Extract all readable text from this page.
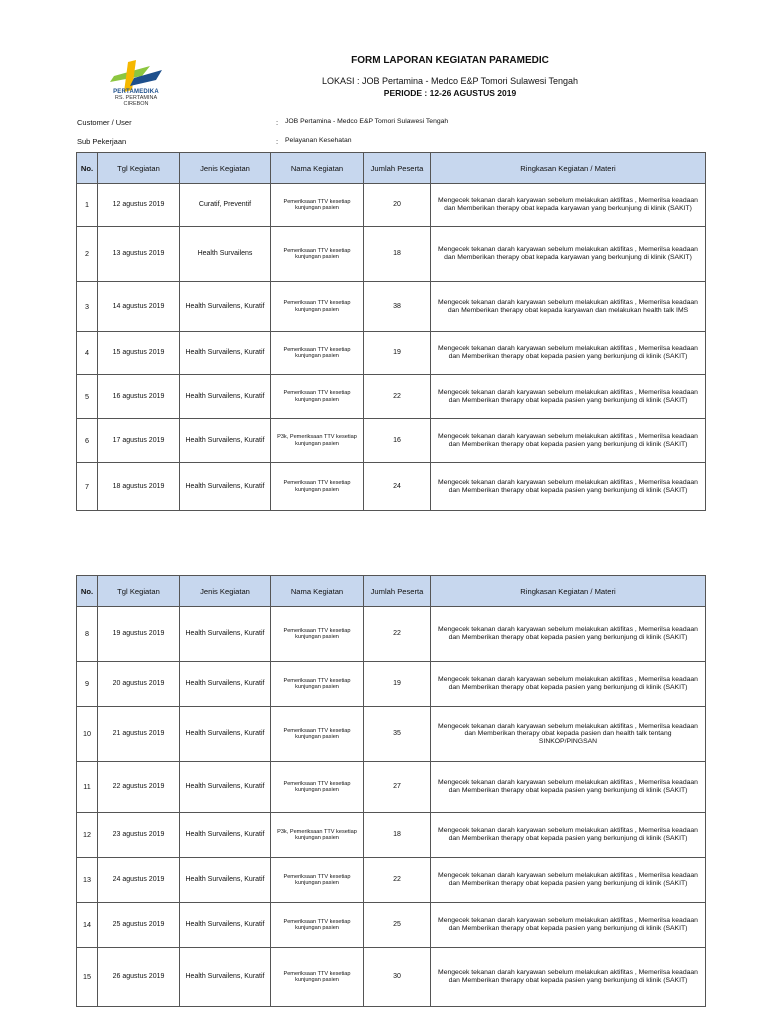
PERTAMEDIKA
RS. PERTAMINA
CIREBON
FORM LAPORAN KEGIATAN PARAMEDIC
LOKASI : JOB Pertamina - Medco E&P Tomori Sulawesi Tengah
PERIODE : 12-26 AGUSTUS 2019
Customer / User	: JOB Pertamina - Medco E&P Tomori Sulawesi Tengah
Sub Pekerjaan	: Pelayanan Kesehatan
No.	Tgl Kegiatan	Jenis Kegiatan	Nama Kegiatan	Jumlah Peserta	Ringkasan Kegiatan / Materi
1	12 agustus 2019	Curatif, Preventif	Pemeriksaan TTV kesetiap kunjungan pasien	20	Mengecek tekanan darah karyawan sebelum melakukan aktifitas , Memerilsa keadaan dan Memberikan therapy obat kepada karyawan yang berkunjung di klinik (SAKIT)
2	13 agustus 2019	Health Survailens	Pemeriksaan TTV kesetiap kunjungan pasien	18	Mengecek tekanan darah karyawan sebelum melakukan aktifitas , Memerilsa keadaan dan Memberikan therapy obat kepada karyawan yang berkunjung di klinik (SAKIT)
3	14 agustus 2019	Health Survailens, Kuratif	Pemeriksaan TTV kesetiap kunjungan pasien	38	Mengecek tekanan darah karyawan sebelum melakukan aktifitas , Memerilsa keadaan dan Memberikan therapy obat kepada karyawan dan melakukan health talk IMS
4	15 agustus 2019	Health Survailens, Kuratif	Pemeriksaan TTV kesetiap kunjungan pasien	19	Mengecek tekanan darah karyawan sebelum melakukan aktifitas , Memerilsa keadaan dan Memberikan therapy obat kepada pasien yang berkunjung di klinik (SAKIT)
5	16 agustus 2019	Health Survailens, Kuratif	Pemeriksaan TTV kesetiap kunjungan pasien	22	Mengecek tekanan darah karyawan sebelum melakukan aktifitas , Memerilsa keadaan dan Memberikan therapy obat kepada pasien yang berkunjung di klinik (SAKIT)
6	17 agustus 2019	Health Survailens, Kuratif	P3k, Pemeriksaan TTV kesetiap kunjungan pasien	16	Mengecek tekanan darah karyawan sebelum melakukan aktifitas , Memerilsa keadaan dan Memberikan therapy obat kepada pasien yang berkunjung di klinik (SAKIT)
7	18 agustus 2019	Health Survailens, Kuratif	Pemeriksaan TTV kesetiap kunjungan pasien	24	Mengecek tekanan darah karyawan sebelum melakukan aktifitas , Memerilsa keadaan dan Memberikan therapy obat kepada pasien yang berkunjung di klinik (SAKIT)
No.	Tgl Kegiatan	Jenis Kegiatan	Nama Kegiatan	Jumlah Peserta	Ringkasan Kegiatan / Materi
8	19 agustus 2019	Health Survailens, Kuratif	Pemeriksaan TTV kesetiap kunjungan pasien	22	Mengecek tekanan darah karyawan sebelum melakukan aktifitas , Memerilsa keadaan dan Memberikan therapy obat kepada pasien yang berkunjung di klinik (SAKIT)
9	20 agustus 2019	Health Survailens, Kuratif	Pemeriksaan TTV kesetiap kunjungan pasien	19	Mengecek tekanan darah karyawan sebelum melakukan aktifitas , Memerilsa keadaan dan Memberikan therapy obat kepada pasien yang berkunjung di klinik (SAKIT)
10	21 agustus 2019	Health Survailens, Kuratif	Pemeriksaan TTV kesetiap kunjungan pasien	35	Mengecek tekanan darah karyawan sebelum melakukan aktifitas , Memerilsa keadaan dan Memberikan therapy obat kepada pasien dan health talk tentang SINKOP/PINGSAN
11	22 agustus 2019	Health Survailens, Kuratif	Pemeriksaan TTV kesetiap kunjungan pasien	27	Mengecek tekanan darah karyawan sebelum melakukan aktifitas , Memerilsa keadaan dan Memberikan therapy obat kepada pasien yang berkunjung di klinik (SAKIT)
12	23 agustus 2019	Health Survailens, Kuratif	P3k, Pemeriksaan TTV kesetiap kunjungan pasien	18	Mengecek tekanan darah karyawan sebelum melakukan aktifitas , Memerilsa keadaan dan Memberikan therapy obat kepada pasien yang berkunjung di klinik (SAKIT)
13	24 agustus 2019	Health Survailens, Kuratif	Pemeriksaan TTV kesetiap kunjungan pasien	22	Mengecek tekanan darah karyawan sebelum melakukan aktifitas , Memerilsa keadaan dan Memberikan therapy obat kepada pasien yang berkunjung di klinik (SAKIT)
14	25 agustus 2019	Health Survailens, Kuratif	Pemeriksaan TTV kesetiap kunjungan pasien	25	Mengecek tekanan darah karyawan sebelum melakukan aktifitas , Memerilsa keadaan dan Memberikan therapy obat kepada pasien yang berkunjung di klinik (SAKIT)
15	26 agustus 2019	Health Survailens, Kuratif	Pemeriksaan TTV kesetiap kunjungan pasien	30	Mengecek tekanan darah karyawan sebelum melakukan aktifitas , Memerilsa keadaan dan Memberikan therapy obat kepada pasien yang berkunjung di klinik (SAKIT)
